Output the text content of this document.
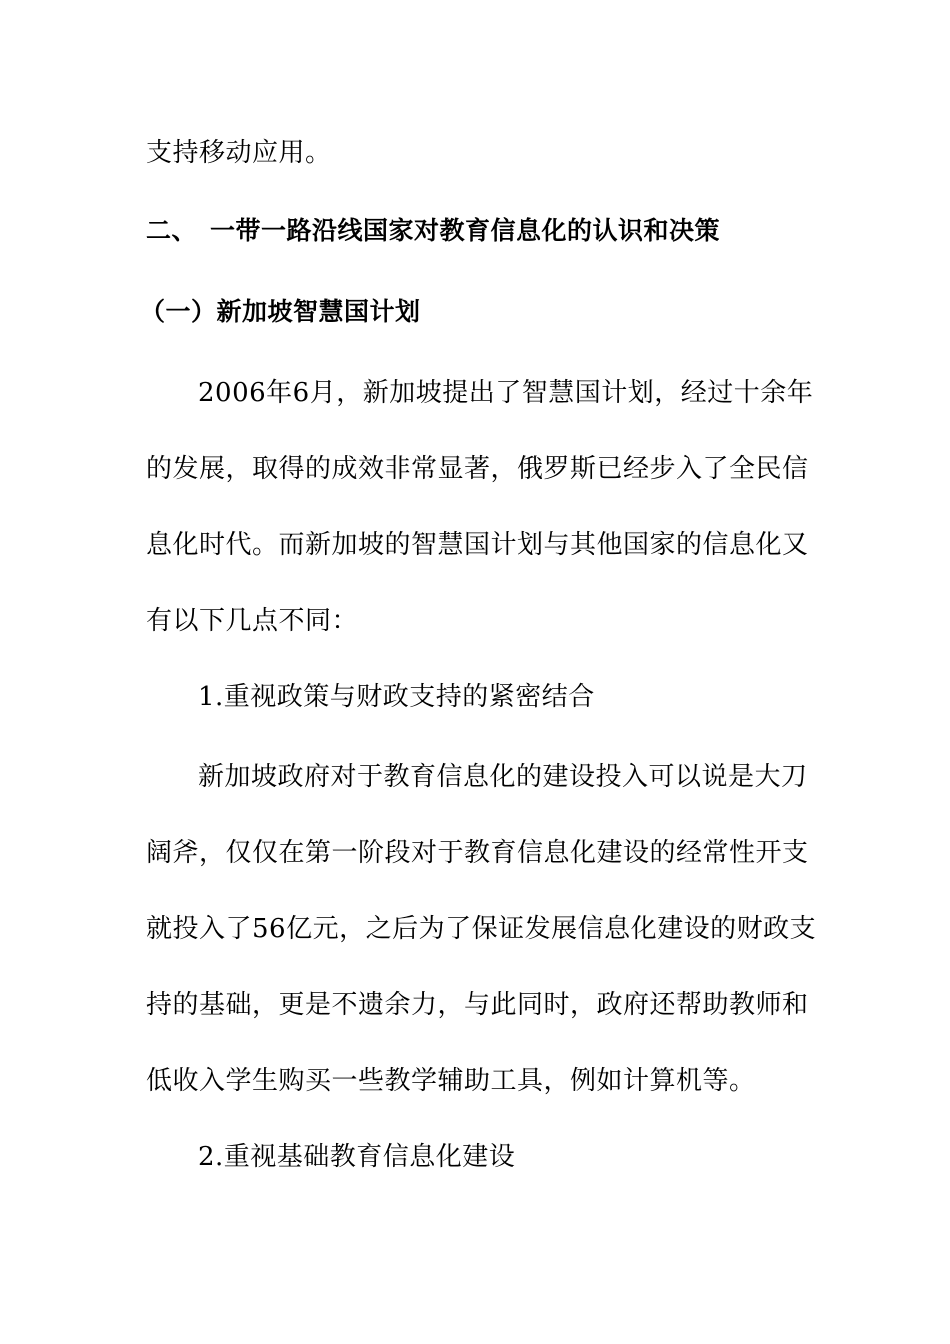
支持移动应用。
二、 一带一路沿线国家对教育信息化的认识和决策
（一）新加坡智慧国计划
2006年6月，新加坡提出了智慧国计划，经过十余年
的发展，取得的成效非常显著，俄罗斯已经步入了全民信
息化时代。而新加坡的智慧国计划与其他国家的信息化又
有以下几点不同：
1.重视政策与财政支持的紧密结合
新加坡政府对于教育信息化的建设投入可以说是大刀
阔斧，仅仅在第一阶段对于教育信息化建设的经常性开支
就投入了56亿元，之后为了保证发展信息化建设的财政支
持的基础，更是不遗余力，与此同时，政府还帮助教师和
低收入学生购买一些教学辅助工具，例如计算机等。
2.重视基础教育信息化建设
